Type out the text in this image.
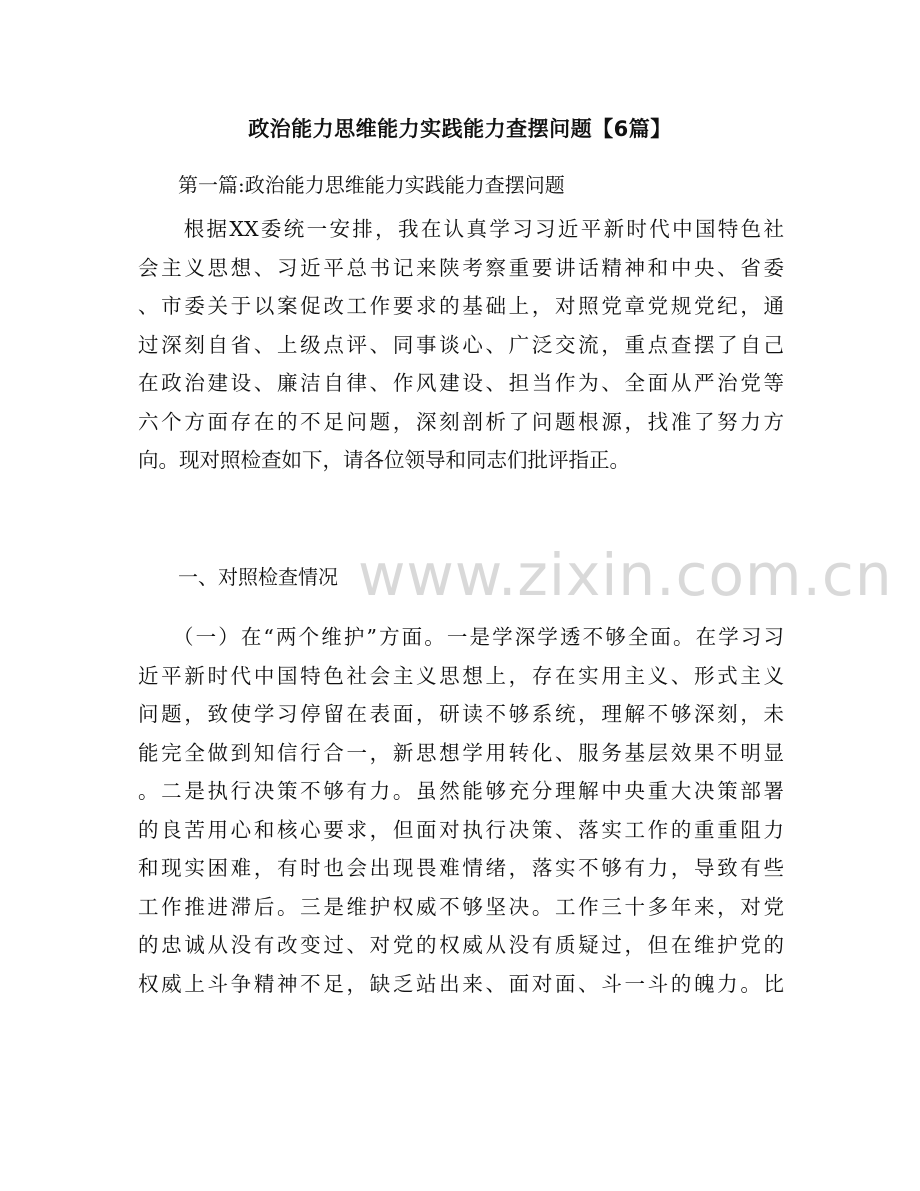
www.zixin.com.cn
政治能力思维能力实践能力查摆问题【6篇】

第一篇:政治能力思维能力实践能力查摆问题

　　根据XX委统一安排，我在认真学习习近平新时代中国特色社
会主义思想、习近平总书记来陕考察重要讲话精神和中央、省委
、市委关于以案促改工作要求的基础上，对照党章党规党纪，通
过深刻自省、上级点评、同事谈心、广泛交流，重点查摆了自己
在政治建设、廉洁自律、作风建设、担当作为、全面从严治党等
六个方面存在的不足问题，深刻剖析了问题根源，找准了努力方
向。现对照检查如下，请各位领导和同志们批评指正。

一、对照检查情况

　　（一）在“两个维护”方面。一是学深学透不够全面。在学习习
近平新时代中国特色社会主义思想上，存在实用主义、形式主义
问题，致使学习停留在表面，研读不够系统，理解不够深刻，未
能完全做到知信行合一，新思想学用转化、服务基层效果不明显
。二是执行决策不够有力。虽然能够充分理解中央重大决策部署
的良苦用心和核心要求，但面对执行决策、落实工作的重重阻力
和现实困难，有时也会出现畏难情绪，落实不够有力，导致有些
工作推进滞后。三是维护权威不够坚决。工作三十多年来，对党
的忠诚从没有改变过、对党的权威从没有质疑过，但在维护党的
权威上斗争精神不足，缺乏站出来、面对面、斗一斗的魄力。比
